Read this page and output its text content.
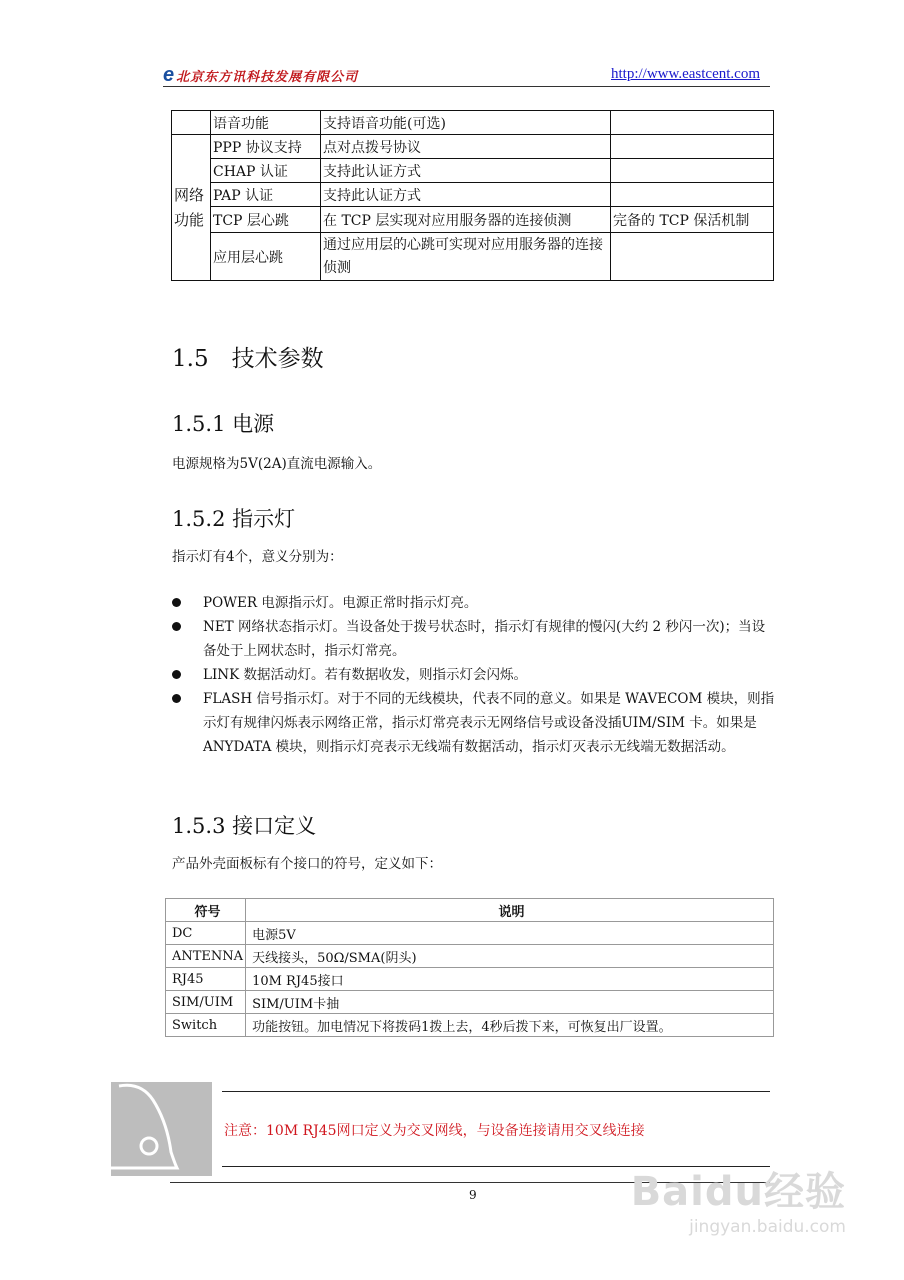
e 北京东方讯科技发展有限公司	http://www.eastcent.com
	语音功能	支持语音功能(可选)	
网络功能	PPP 协议支持	点对点拨号协议	
	CHAP 认证	支持此认证方式	
	PAP 认证	支持此认证方式	
	TCP 层心跳	在 TCP 层实现对应用服务器的连接侦测	完备的 TCP 保活机制
	应用层心跳	通过应用层的心跳可实现对应用服务器的连接侦测	
1.5　技术参数
1.5.1 电源

电源规格为5V(2A)直流电源输入。

1.5.2 指示灯

指示灯有4个，意义分别为：

POWER 电源指示灯。电源正常时指示灯亮。
NET 网络状态指示灯。当设备处于拨号状态时，指示灯有规律的慢闪(大约 2 秒闪一次)；当设备处于上网状态时，指示灯常亮。
LINK 数据活动灯。若有数据收发，则指示灯会闪烁。
FLASH 信号指示灯。对于不同的无线模块，代表不同的意义。如果是 WAVECOM 模块，则指示灯有规律闪烁表示网络正常，指示灯常亮表示无网络信号或设备没插UIM/SIM 卡。如果是 ANYDATA 模块，则指示灯亮表示无线端有数据活动，指示灯灭表示无线端无数据活动。
1.5.3 接口定义

产品外壳面板标有个接口的符号，定义如下：

符号	说明
DC	电源5V
ANTENNA	天线接头，50Ω/SMA(阴头)
RJ45	10M RJ45接口
SIM/UIM	SIM/UIM卡抽
Switch	功能按钮。加电情况下将拨码1拨上去，4秒后拨下来，可恢复出厂设置。
注意：10M RJ45网口定义为交叉网线，与设备连接请用交叉线连接
9	Baidu经验
jingyan.baidu.com
